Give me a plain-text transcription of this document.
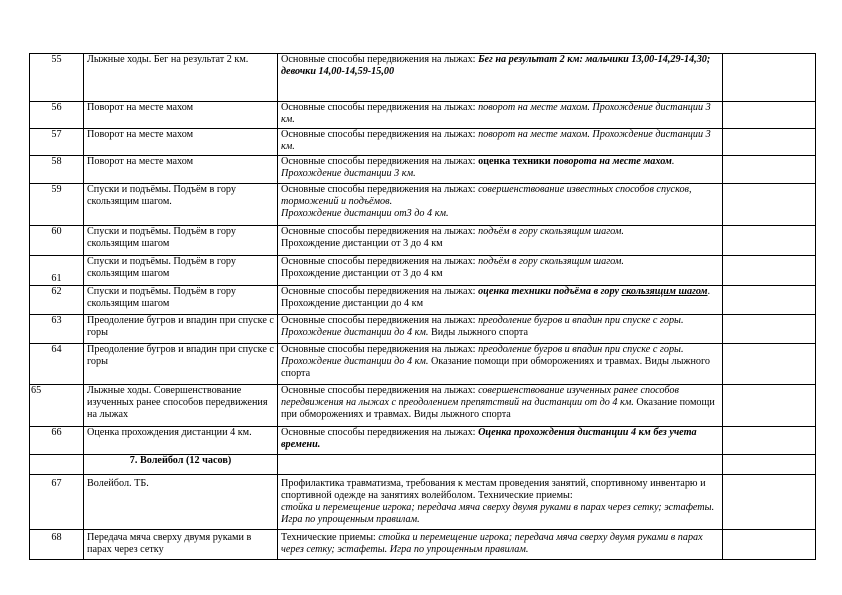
55	Лыжные ходы. Бег на результат 2 км.	Основные способы передвижения на лыжах: Бег на результат 2 км: мальчики 13,00-14,29-14,30; девочки 14,00-14,59-15,00	
56	Поворот на месте махом	Основные способы передвижения на лыжах: поворот на месте махом. Прохождение дистанции 3 км.	
57	Поворот на месте махом	Основные способы передвижения на лыжах: поворот на месте махом. Прохождение дистанции 3 км.	
58	Поворот на месте махом	Основные способы передвижения на лыжах: оценка техники поворота на месте махом. Прохождение дистанции 3 км.	
59	Спуски и подъёмы. Подъём в гору скользящим шагом.	Основные способы передвижения на лыжах: совершенствование известных способов спусков, торможений и подъёмов.
Прохождение дистанции от3 до 4 км.	
60	Спуски и подъёмы. Подъём в гору скользящим шагом	Основные способы передвижения на лыжах: подъём в гору скользящим шагом.
Прохождение дистанции от 3 до 4 км	
61	Спуски и подъёмы. Подъём в гору скользящим шагом	Основные способы передвижения на лыжах: подъём в гору скользящим шагом.
Прохождение дистанции от 3 до 4 км	
62	Спуски и подъёмы. Подъём в гору скользящим шагом	Основные способы передвижения на лыжах: оценка техники подъёма в гору скользящим шагом. Прохождение дистанции до 4 км	
63	Преодоление бугров и впадин при спуске с горы	Основные способы передвижения на лыжах: преодоление бугров и впадин при спуске с горы. Прохождение дистанции до 4 км. Виды лыжного спорта	
64	Преодоление бугров и впадин при спуске с горы	Основные способы передвижения на лыжах: преодоление бугров и впадин при спуске с горы. Прохождение дистанции до 4 км. Оказание помощи при обморожениях и травмах. Виды лыжного спорта	
65	Лыжные ходы. Совершенствование изученных ранее способов передвижения на лыжах	Основные способы передвижения на лыжах: совершенствование изученных ранее способов передвижения на лыжах с преодолением препятствий на дистанции от до 4 км. Оказание помощи при обморожениях и травмах. Виды лыжного спорта	
66	Оценка прохождения дистанции 4 км.	Основные способы передвижения на лыжах: Оценка прохождения дистанции 4 км без учета времени.	
	7. Волейбол (12 часов)		
67	Волейбол. ТБ.	Профилактика травматизма, требования к местам проведения занятий, спортивному инвентарю и спортивной одежде на занятиях волейболом. Технические приемы:
стойка и перемещение игрока; передача мяча сверху двумя руками в парах через сетку; эстафеты. Игра по упрощенным правилам.	
68	Передача мяча сверху двумя руками в парах через сетку	Технические приемы: стойка и перемещение игрока; передача мяча сверху двумя руками в парах через сетку; эстафеты. Игра по упрощенным правилам.	
